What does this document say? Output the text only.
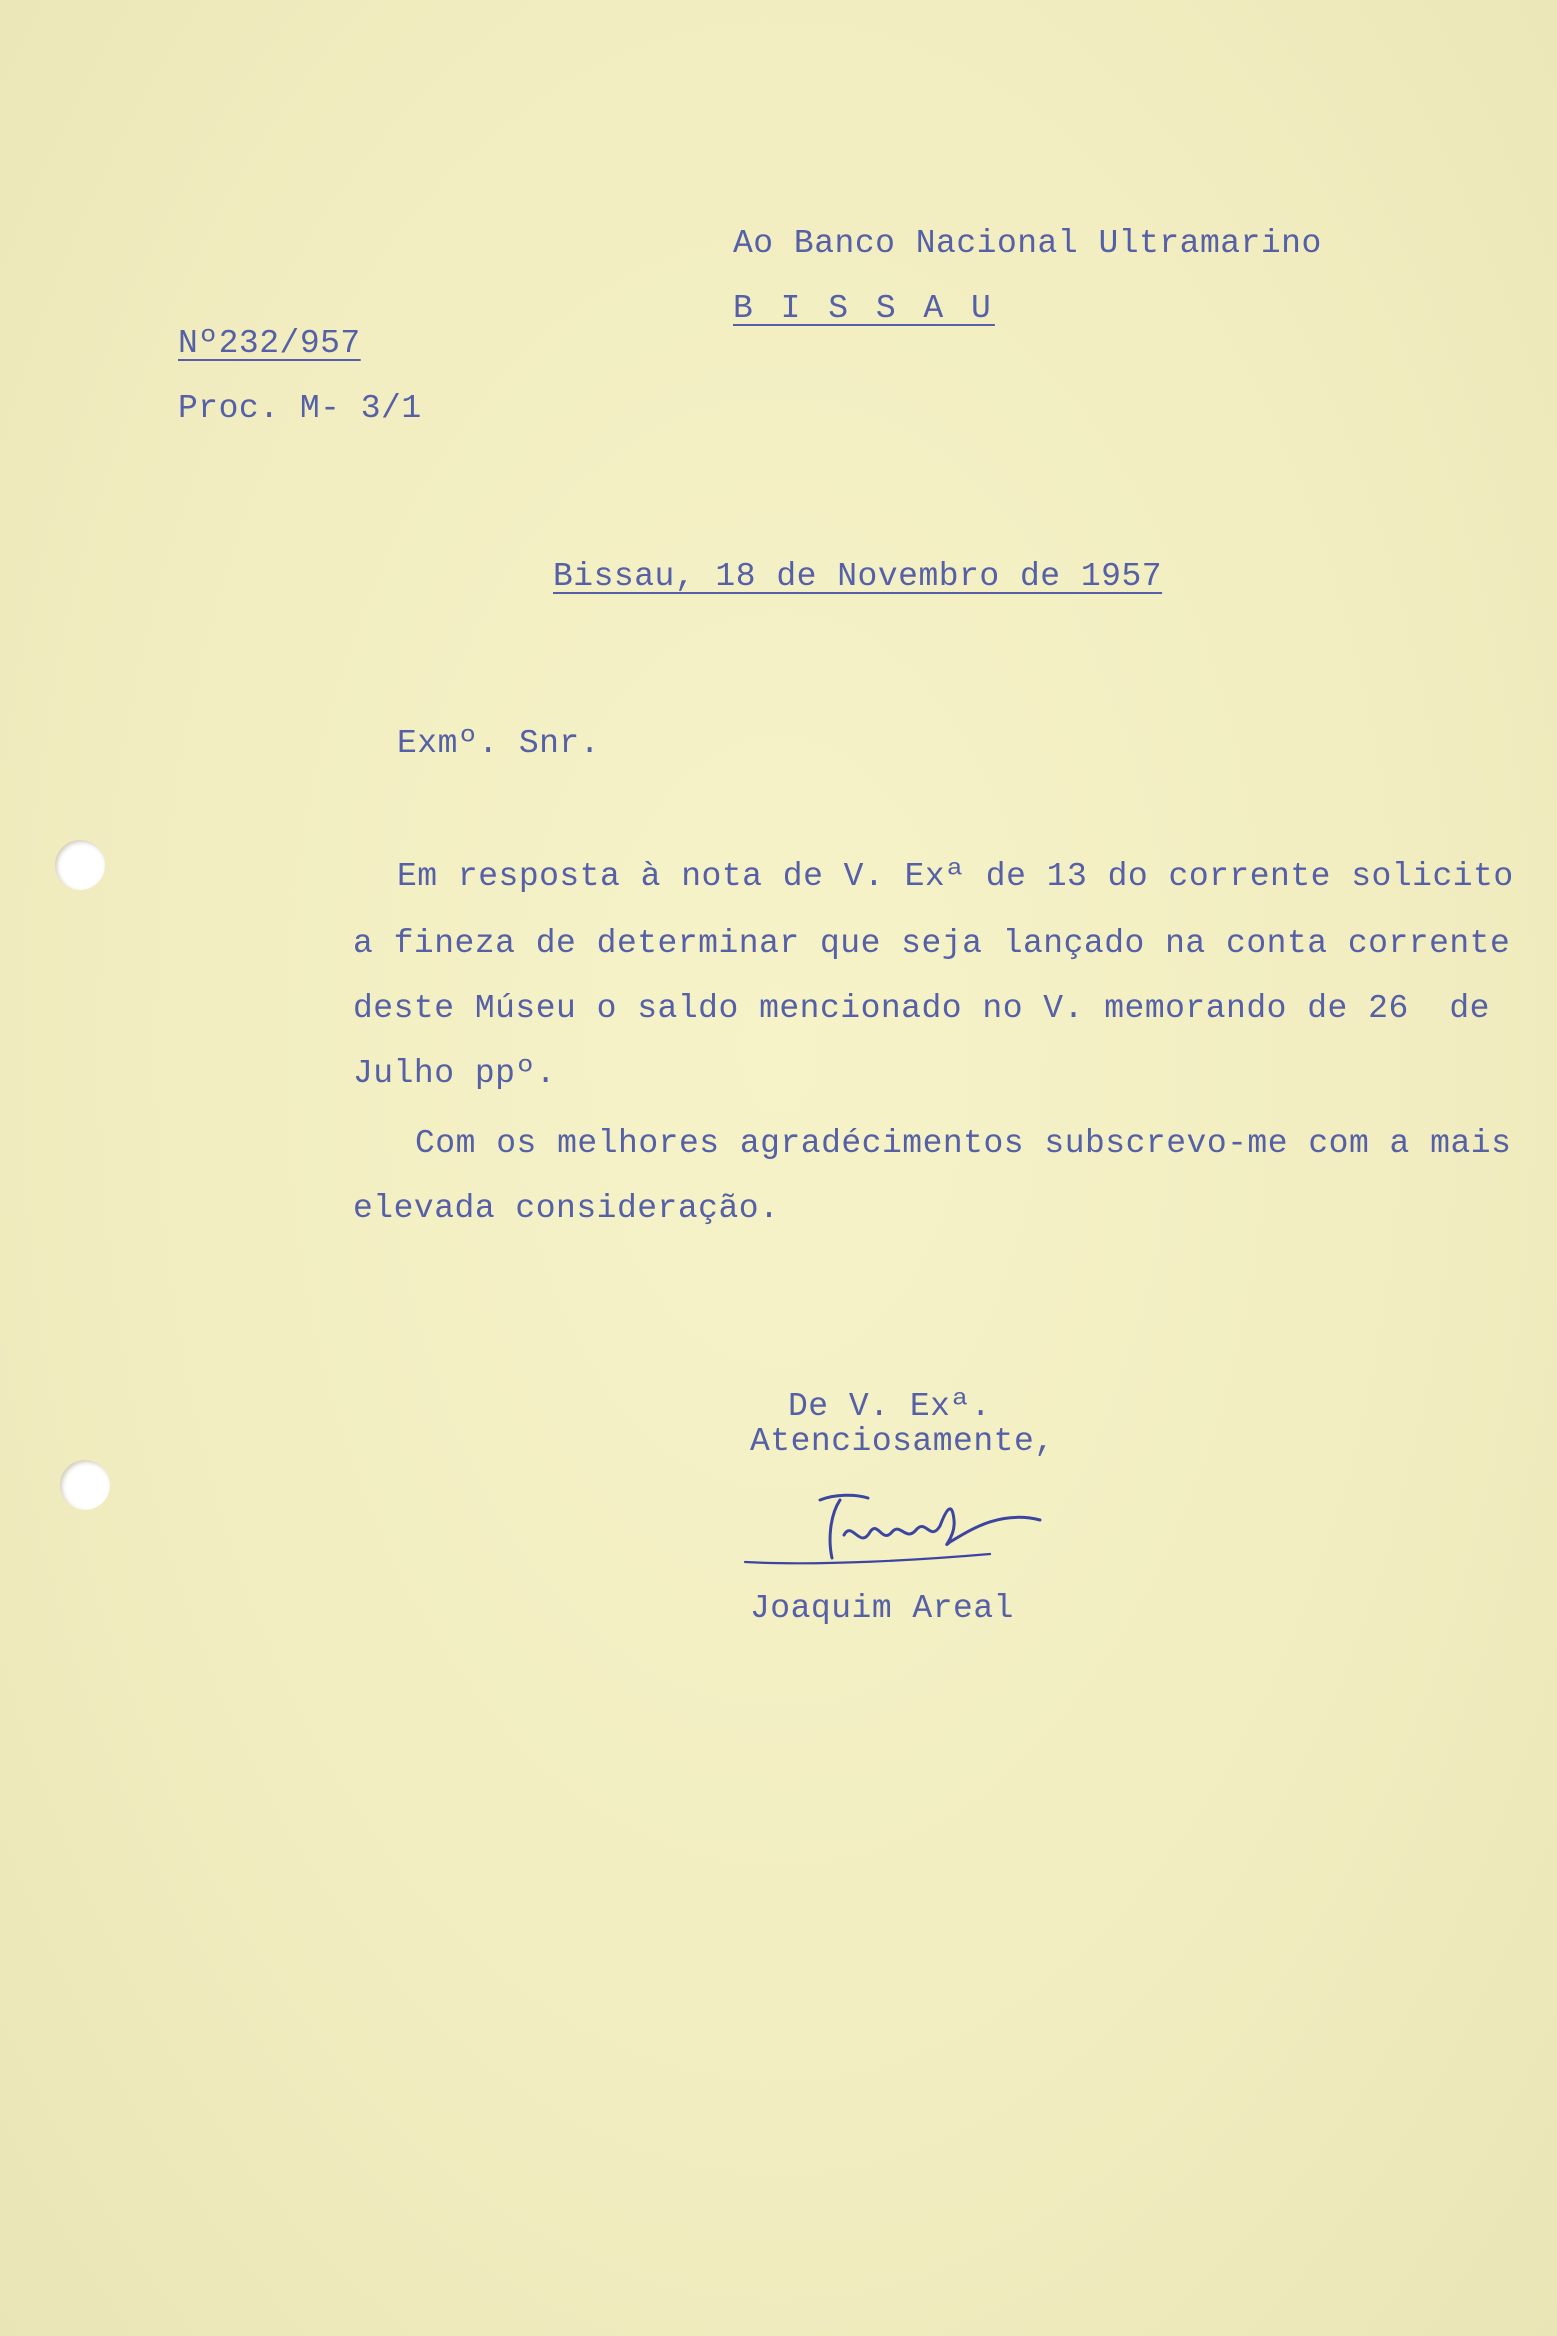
Ao Banco Nacional Ultramarino
B I S S A U
Nº232/957
Proc. M- 3/1
Bissau, 18 de Novembro de 1957
Exmº. Snr.
Em resposta à nota de V. Exª de 13 do corrente solicito
a fineza de determinar que seja lançado na conta corrente
deste Múseu o saldo mencionado no V. memorando de 26  de
Julho ppº.
Com os melhores agradécimentos subscrevo-me com a mais
elevada consideração.
De V. Exª.
Atenciosamente,
Joaquim Areal
